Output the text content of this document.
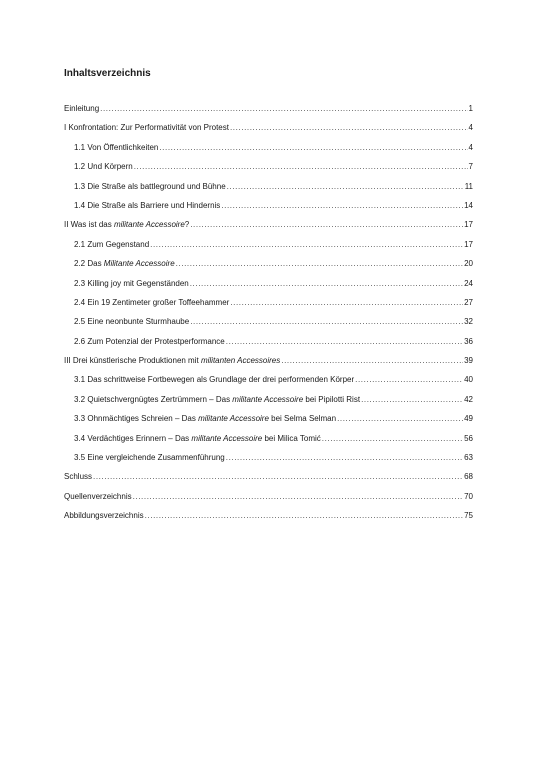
Inhaltsverzeichnis
Einleitung .....	1
I Konfrontation: Zur Performativität von Protest .....	4
1.1 Von Öffentlichkeiten .....	4
1.2 Und Körpern .....	7
1.3 Die Straße als battleground und Bühne .....	11
1.4 Die Straße als Barriere und Hindernis .....	14
II Was ist das militante Accessoire? .....	17
2.1 Zum Gegenstand .....	17
2.2 Das Militante Accessoire .....	20
2.3 Killing joy mit Gegenständen .....	24
2.4 Ein 19 Zentimeter großer Toffeehammer .....	27
2.5 Eine neonbunte Sturmhaube .....	32
2.6 Zum Potenzial der Protestperformance .....	36
III Drei künstlerische Produktionen mit militanten Accessoires .....	39
3.1 Das schrittweise Fortbewegen als Grundlage der drei performenden Körper .....	40
3.2 Quietschvergnügtes Zertrümmern – Das militante Accessoire bei Pipilotti Rist .....	42
3.3 Ohnmächtiges Schreien – Das militante Accessoire bei Selma Selman .....	49
3.4 Verdächtiges Erinnern – Das militante Accessoire bei Milica Tomić .....	56
3.5 Eine vergleichende Zusammenführung .....	63
Schluss .....	68
Quellenverzeichnis .....	70
Abbildungsverzeichnis .....	75
